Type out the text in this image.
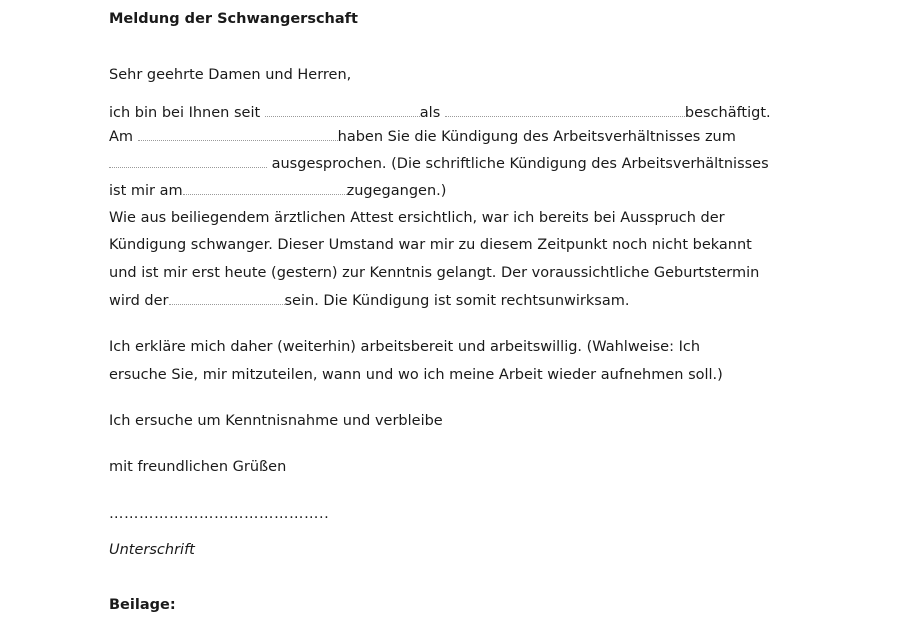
Meldung der Schwangerschaft
Sehr geehrte Damen und Herren,
ich bin bei Ihnen seit	als	beschäftigt.
Am	haben Sie die Kündigung des Arbeitsverhältnisses zum
ausgesprochen. (Die schriftliche Kündigung des Arbeitsverhältnisses
ist mir am	zugegangen.)
Wie aus beiliegendem ärztlichen Attest ersichtlich, war ich bereits bei Ausspruch der
Kündigung schwanger. Dieser Umstand war mir zu diesem Zeitpunkt noch nicht bekannt
und ist mir erst heute (gestern) zur Kenntnis gelangt. Der voraussichtliche Geburtstermin
wird der	sein. Die Kündigung ist somit rechtsunwirksam.
Ich erkläre mich daher (weiterhin) arbeitsbereit und arbeitswillig. (Wahlweise: Ich
ersuche Sie, mir mitzuteilen, wann und wo ich meine Arbeit wieder aufnehmen soll.)
Ich ersuche um Kenntnisnahme und verbleibe
mit freundlichen Grüßen
……………………………………..
Unterschrift
Beilage:
